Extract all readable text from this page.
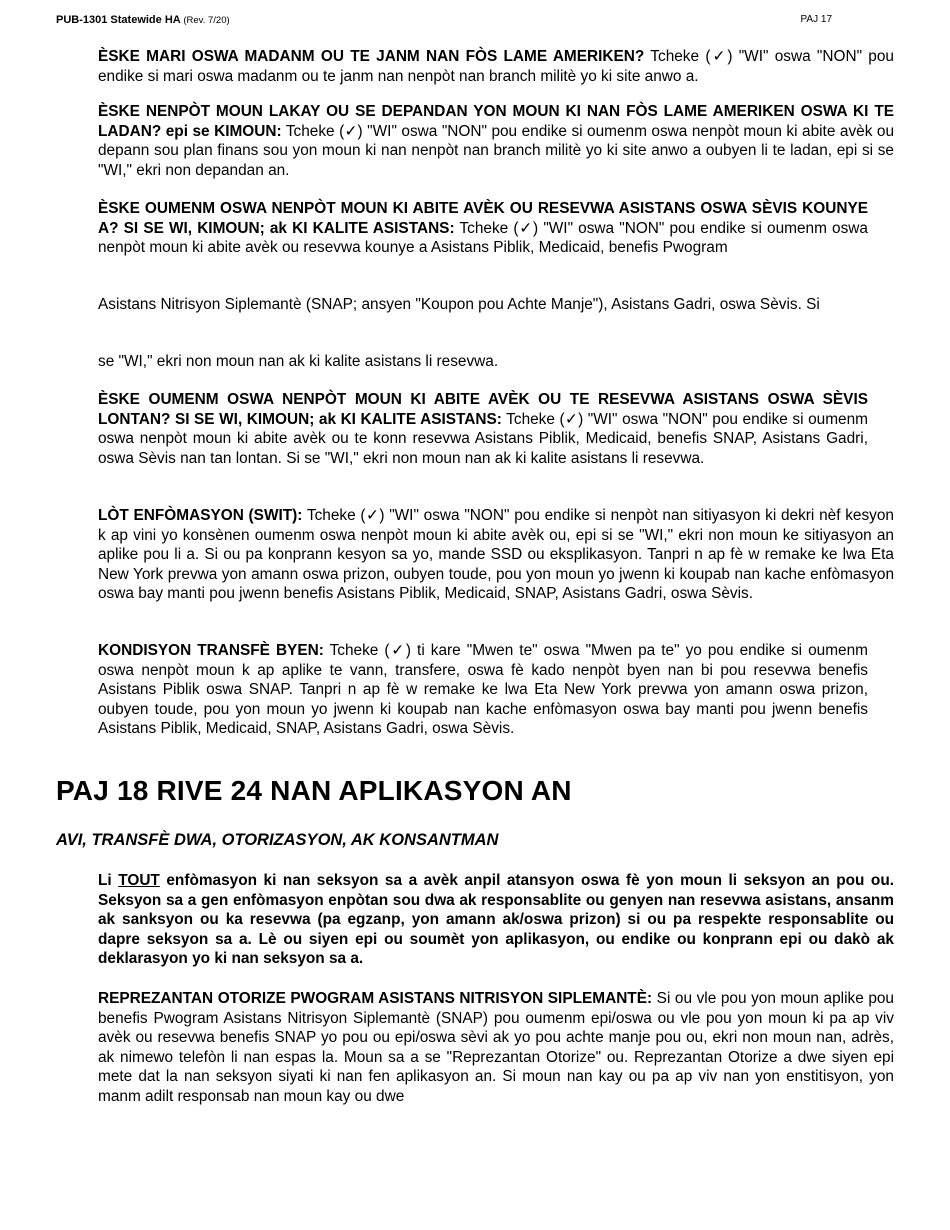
PUB-1301 Statewide HA (Rev. 7/20)	PAJ 17

ÈSKE MARI OSWA MADANM OU TE JANM NAN FÒS LAME AMERIKEN? Tcheke (✓) "WI" oswa "NON" pou endike si mari oswa madanm ou te janm nan nenpòt nan branch militè yo ki site anwo a.

ÈSKE NENPÒT MOUN LAKAY OU SE DEPANDAN YON MOUN KI NAN FÒS LAME AMERIKEN OSWA KI TE LADAN? epi se KIMOUN: Tcheke (✓) "WI" oswa "NON" pou endike si oumenm oswa nenpòt moun ki abite avèk ou depann sou plan finans sou yon moun ki nan nenpòt nan branch militè yo ki site anwo a oubyen li te ladan, epi si se "WI," ekri non depandan an.

ÈSKE OUMENM OSWA NENPÒT MOUN KI ABITE AVÈK OU RESEVWA ASISTANS OSWA SÈVIS KOUNYE A? SI SE WI, KIMOUN; ak KI KALITE ASISTANS: Tcheke (✓) "WI" oswa "NON" pou endike si oumenm oswa nenpòt moun ki abite avèk ou resevwa kounye a Asistans Piblik, Medicaid, benefis Pwogram

Asistans Nitrisyon Siplemantè (SNAP; ansyen "Koupon pou Achte Manje"), Asistans Gadri, oswa Sèvis. Si

se "WI," ekri non moun nan ak ki kalite asistans li resevwa.

ÈSKE OUMENM OSWA NENPÒT MOUN KI ABITE AVÈK OU TE RESEVWA ASISTANS OSWA SÈVIS LONTAN? SI SE WI, KIMOUN; ak KI KALITE ASISTANS: Tcheke (✓) "WI" oswa "NON" pou endike si oumenm oswa nenpòt moun ki abite avèk ou te konn resevwa Asistans Piblik, Medicaid, benefis SNAP, Asistans Gadri, oswa Sèvis nan tan lontan. Si se "WI," ekri non moun nan ak ki kalite asistans li resevwa.

LÒT ENFÒMASYON (SWIT): Tcheke (✓) "WI" oswa "NON" pou endike si nenpòt nan sitiyasyon ki dekri nèf kesyon k ap vini yo konsènen oumenm oswa nenpòt moun ki abite avèk ou, epi si se "WI," ekri non moun ke sitiyasyon an aplike pou li a. Si ou pa konprann kesyon sa yo, mande SSD ou eksplikasyon. Tanpri n ap fè w remake ke lwa Eta New York prevwa yon amann oswa prizon, oubyen toude, pou yon moun yo jwenn ki koupab nan kache enfòmasyon oswa bay manti pou jwenn benefis Asistans Piblik, Medicaid, SNAP, Asistans Gadri, oswa Sèvis.

KONDISYON TRANSFÈ BYEN: Tcheke (✓) ti kare "Mwen te" oswa "Mwen pa te" yo pou endike si oumenm oswa nenpòt moun k ap aplike te vann, transfere, oswa fè kado nenpòt byen nan bi pou resevwa benefis Asistans Piblik oswa SNAP. Tanpri n ap fè w remake ke lwa Eta New York prevwa yon amann oswa prizon, oubyen toude, pou yon moun yo jwenn ki koupab nan kache enfòmasyon oswa bay manti pou jwenn benefis Asistans Piblik, Medicaid, SNAP, Asistans Gadri, oswa Sèvis.

PAJ 18 RIVE 24 NAN APLIKASYON AN
AVI, TRANSFÈ DWA, OTORIZASYON, AK KONSANTMAN

Li TOUT enfòmasyon ki nan seksyon sa a avèk anpil atansyon oswa fè yon moun li seksyon an pou ou. Seksyon sa a gen enfòmasyon enpòtan sou dwa ak responsablite ou genyen nan resevwa asistans, ansanm ak sanksyon ou ka resevwa (pa egzanp, yon amann ak/oswa prizon) si ou pa respekte responsablite ou dapre seksyon sa a. Lè ou siyen epi ou soumèt yon aplikasyon, ou endike ou konprann epi ou dakò ak deklarasyon yo ki nan seksyon sa a.

REPREZANTAN OTORIZE PWOGRAM ASISTANS NITRISYON SIPLEMANTÈ: Si ou vle pou yon moun aplike pou benefis Pwogram Asistans Nitrisyon Siplemantè (SNAP) pou oumenm epi/oswa ou vle pou yon moun ki pa ap viv avèk ou resevwa benefis SNAP yo pou ou epi/oswa sèvi ak yo pou achte manje pou ou, ekri non moun nan, adrès, ak nimewo telefòn li nan espas la. Moun sa a se "Reprezantan Otorize" ou. Reprezantan Otorize a dwe siyen epi mete dat la nan seksyon siyati ki nan fen aplikasyon an. Si moun nan kay ou pa ap viv nan yon enstitisyon, yon manm adilt responsab nan moun kay ou dwe
